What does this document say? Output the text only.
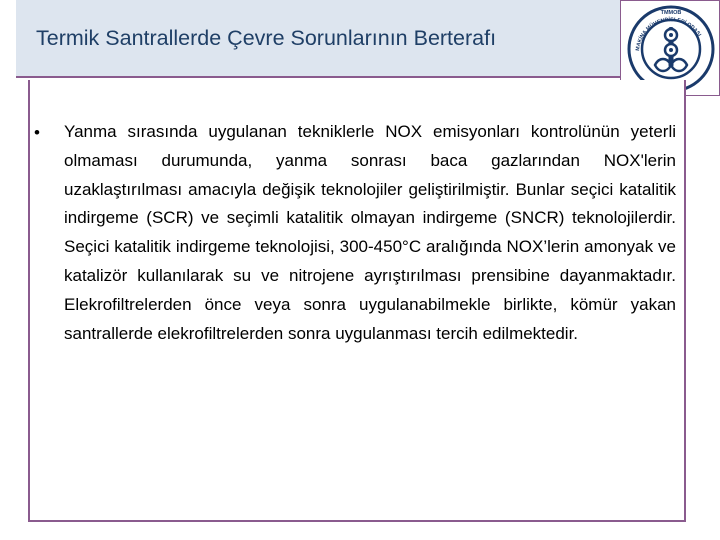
Termik Santrallerde Çevre Sorunlarının Berterafı	MAKİNA MÜHENDİSLERİ ODASI
TMMOB
• Yanma sırasında uygulanan tekniklerle NOX emisyonları kontrolünün yeterli olmaması durumunda, yanma sonrası baca gazlarından NOX'lerin uzaklaştırılması amacıyla değişik teknolojiler geliştirilmiştir. Bunlar seçici katalitik indirgeme (SCR) ve seçimli katalitik olmayan indirgeme (SNCR) teknolojilerdir. Seçici katalitik indirgeme teknolojisi, 300-450°C aralığında NOX’lerin amonyak ve katalizör kullanılarak su ve nitrojene ayrıştırılması prensibine dayanmaktadır. Elekrofiltrelerden önce veya sonra uygulanabilmekle birlikte, kömür yakan santrallerde elekrofiltrelerden sonra uygulanması tercih edilmektedir.
